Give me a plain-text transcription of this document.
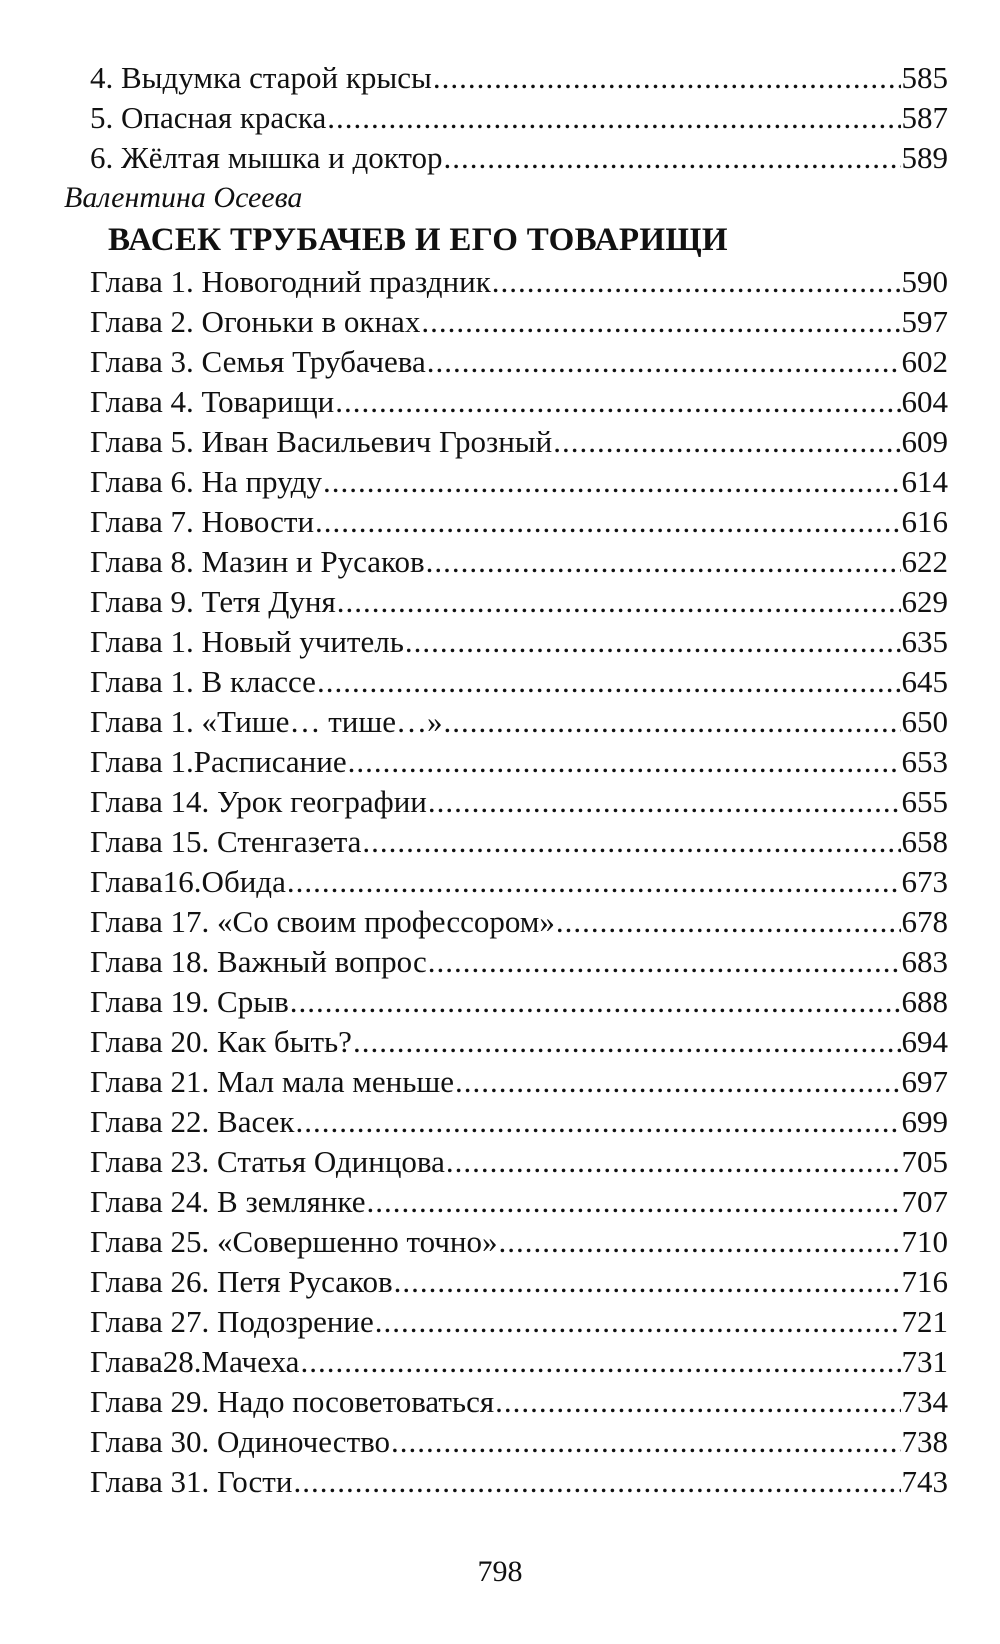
4. Выдумка старой крысы .....	585
5. Опасная краска .....	587
6. Жёлтая мышка и доктор .....	589
Валентина Осеева
ВАСЕК ТРУБАЧЕВ И ЕГО ТОВАРИЩИ
Глава 1. Новогодний праздник .....	590
Глава 2. Огоньки в окнах .....	597
Глава 3. Семья Трубачева .....	602
Глава 4. Товарищи .....	604
Глава 5. Иван Васильевич Грозный .....	609
Глава 6. На пруду .....	614
Глава 7. Новости .....	616
Глава 8. Мазин и Русаков .....	622
Глава 9. Тетя Дуня .....	629
Глава 1. Новый учитель .....	635
Глава 1. В классе .....	645
Глава 1. «Тише… тише…» .....	650
Глава 1.Расписание .....	653
Глава 14. Урок географии .....	655
Глава 15. Стенгазета .....	658
Глава16.Обида .....	673
Глава 17. «Со своим профессором» .....	678
Глава 18. Важный вопрос .....	683
Глава 19. Срыв .....	688
Глава 20. Как быть? .....	694
Глава 21. Мал мала меньше .....	697
Глава 22. Васек .....	699
Глава 23. Статья Одинцова .....	705
Глава 24. В землянке .....	707
Глава 25. «Совершенно точно» .....	710
Глава 26. Петя Русаков .....	716
Глава 27. Подозрение .....	721
Глава28.Мачеха .....	731
Глава 29. Надо посоветоваться .....	734
Глава 30. Одиночество .....	738
Глава 31. Гости .....	743
798
